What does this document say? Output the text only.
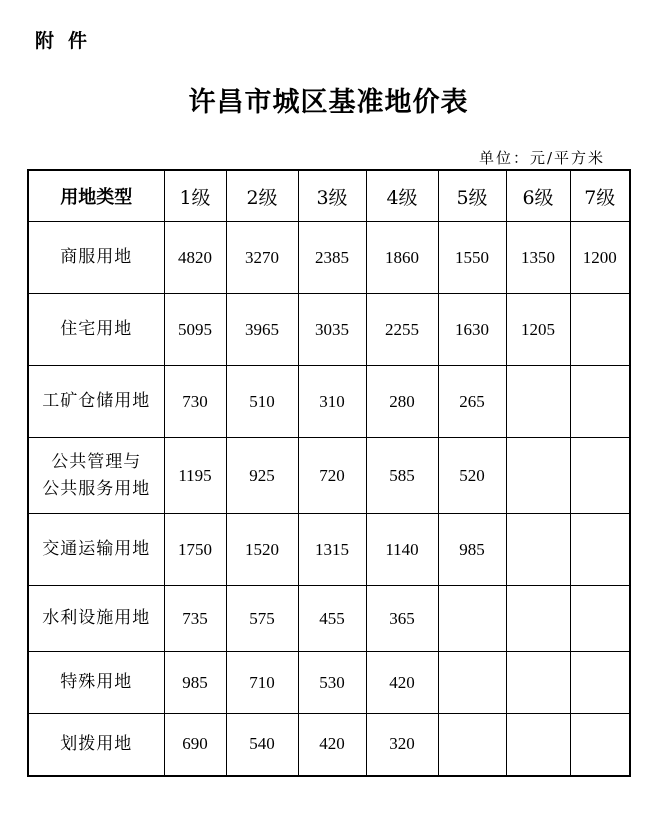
附件
许昌市城区基准地价表
单位：元/平方米
用地类型	1级	2级	3级	4级	5级	6级	7级

商服用地	4820	3270	2385	1860	1550	1350	1200

住宅用地	5095	3965	3035	2255	1630	1205	

工矿仓储用地	730	510	310	280	265		

公共管理与
公共服务用地	1195	925	720	585	520		

交通运输用地	1750	1520	1315	1140	985		

水利设施用地	735	575	455	365			

特殊用地	985	710	530	420			

划拨用地	690	540	420	320			
